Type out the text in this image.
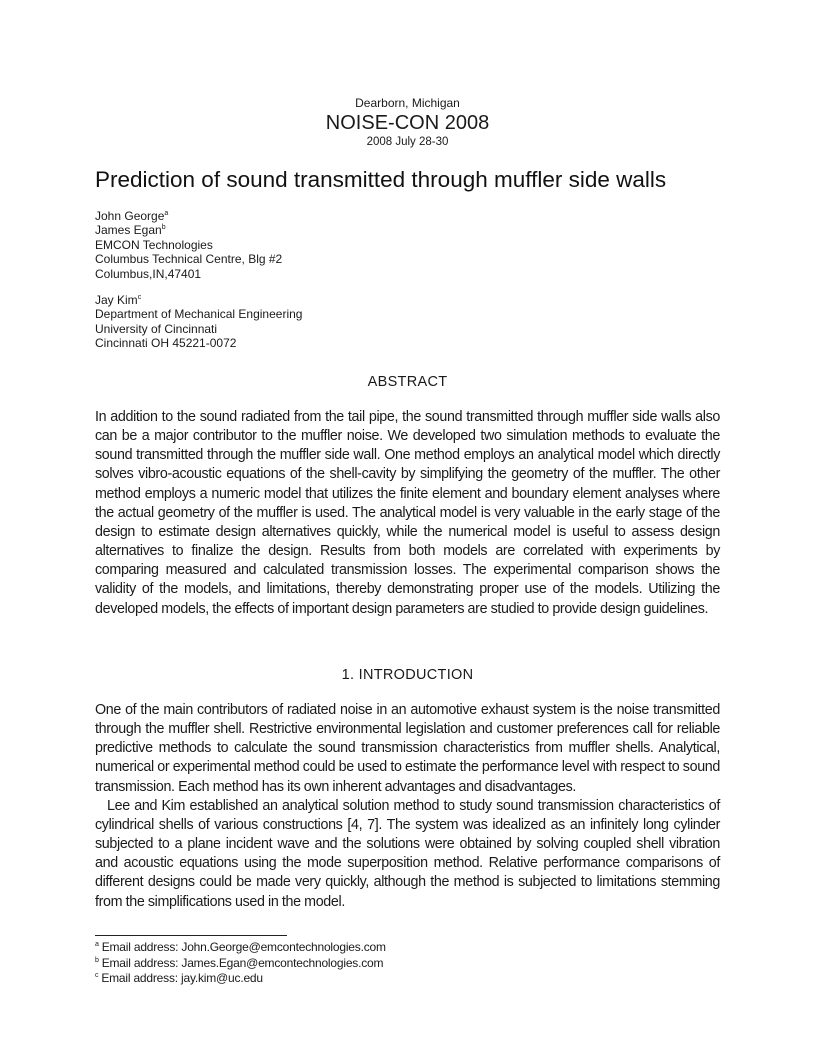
Dearborn, Michigan
NOISE-CON 2008
2008 July 28-30
Prediction of sound transmitted through muffler side walls
John George$^a$
James Egan$^b$
EMCON Technologies
Columbus Technical Centre, Blg #2
Columbus,IN,47401
Jay Kim$^c$
Department of Mechanical Engineering
University of Cincinnati
Cincinnati OH 45221-0072
ABSTRACT

In addition to the sound radiated from the tail pipe, the sound transmitted through muffler side walls also can be a major contributor to the muffler noise. We developed two simulation methods to evaluate the sound transmitted through the muffler side wall. One method employs an analytical model which directly solves vibro-acoustic equations of the shell-cavity by simplifying the geometry of the muffler. The other method employs a numeric model that utilizes the finite element and boundary element analyses where the actual geometry of the muffler is used. The analytical model is very valuable in the early stage of the design to estimate design alternatives quickly, while the numerical model is useful to assess design alternatives to finalize the design. Results from both models are correlated with experiments by comparing measured and calculated transmission losses. The experimental comparison shows the validity of the models, and limitations, thereby demonstrating proper use of the models. Utilizing the developed models, the effects of important design parameters are studied to provide design guidelines.

1. INTRODUCTION

One of the main contributors of radiated noise in an automotive exhaust system is the noise transmitted through the muffler shell. Restrictive environmental legislation and customer preferences call for reliable predictive methods to calculate the sound transmission characteristics from muffler shells. Analytical, numerical or experimental method could be used to estimate the performance level with respect to sound transmission. Each method has its own inherent advantages and disadvantages.

Lee and Kim established an analytical solution method to study sound transmission characteristics of cylindrical shells of various constructions [4, 7]. The system was idealized as an infinitely long cylinder subjected to a plane incident wave and the solutions were obtained by solving coupled shell vibration and acoustic equations using the mode superposition method. Relative performance comparisons of different designs could be made very quickly, although the method is subjected to limitations stemming from the simplifications used in the model.

$^a$ Email address: John.George@emcontechnologies.com
$^b$ Email address: James.Egan@emcontechnologies.com
$^c$ Email address: jay.kim@uc.edu
